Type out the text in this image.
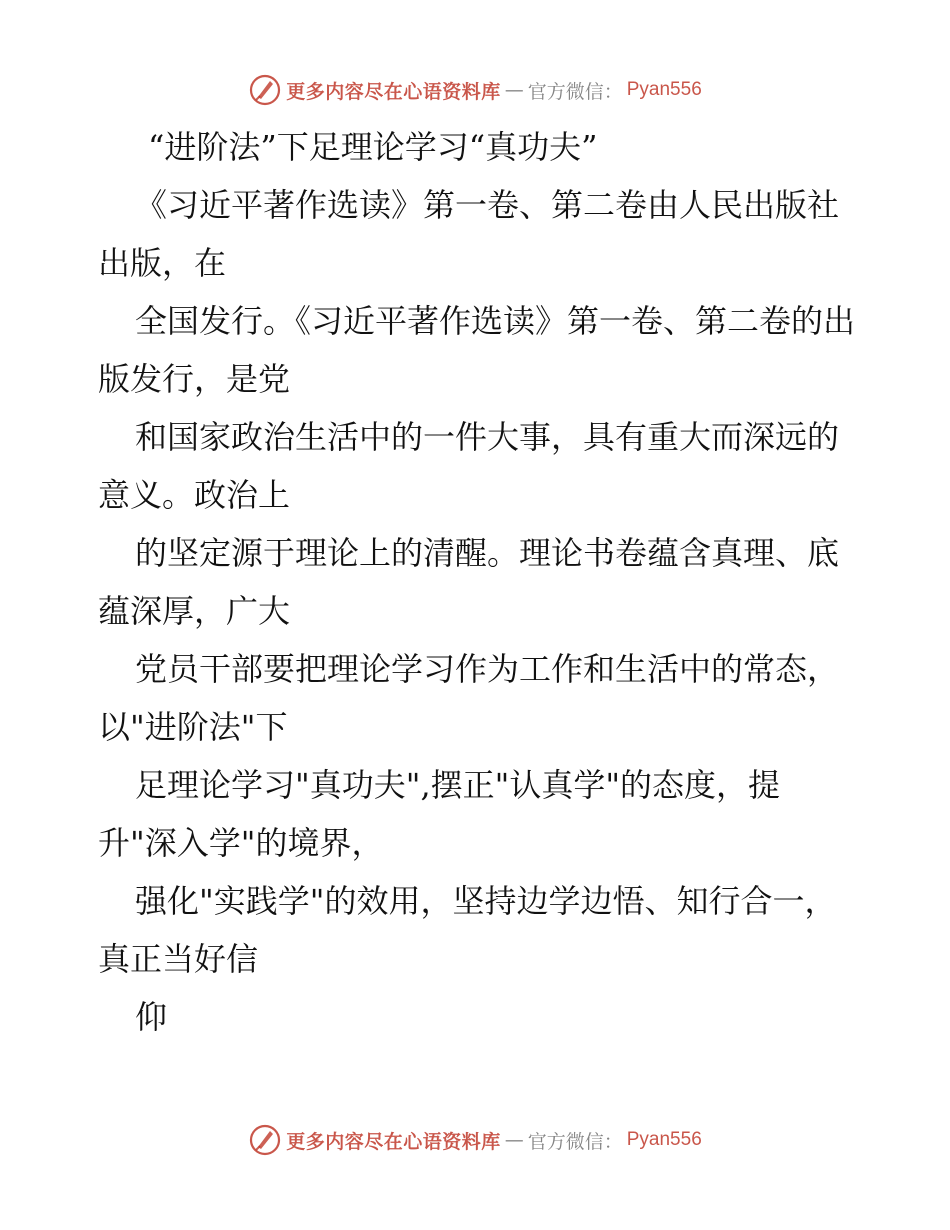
更多内容尽在心语资料库 — 官方微信： Pyan556

“进阶法”下足理论学习“真功夫”

《习近平著作选读》第一卷、第二卷由人民出版社出版，在

全国发行。《习近平著作选读》第一卷、第二卷的出版发行，是党

和国家政治生活中的一件大事，具有重大而深远的意义。政治上

的坚定源于理论上的清醒。理论书卷蕴含真理、底蕴深厚，广大

党员干部要把理论学习作为工作和生活中的常态，以"进阶法"下

足理论学习"真功夫",摆正"认真学"的态度，提升"深入学"的境界，

强化"实践学"的效用，坚持边学边悟、知行合一，真正当好信

仰

更多内容尽在心语资料库 — 官方微信： Pyan556
